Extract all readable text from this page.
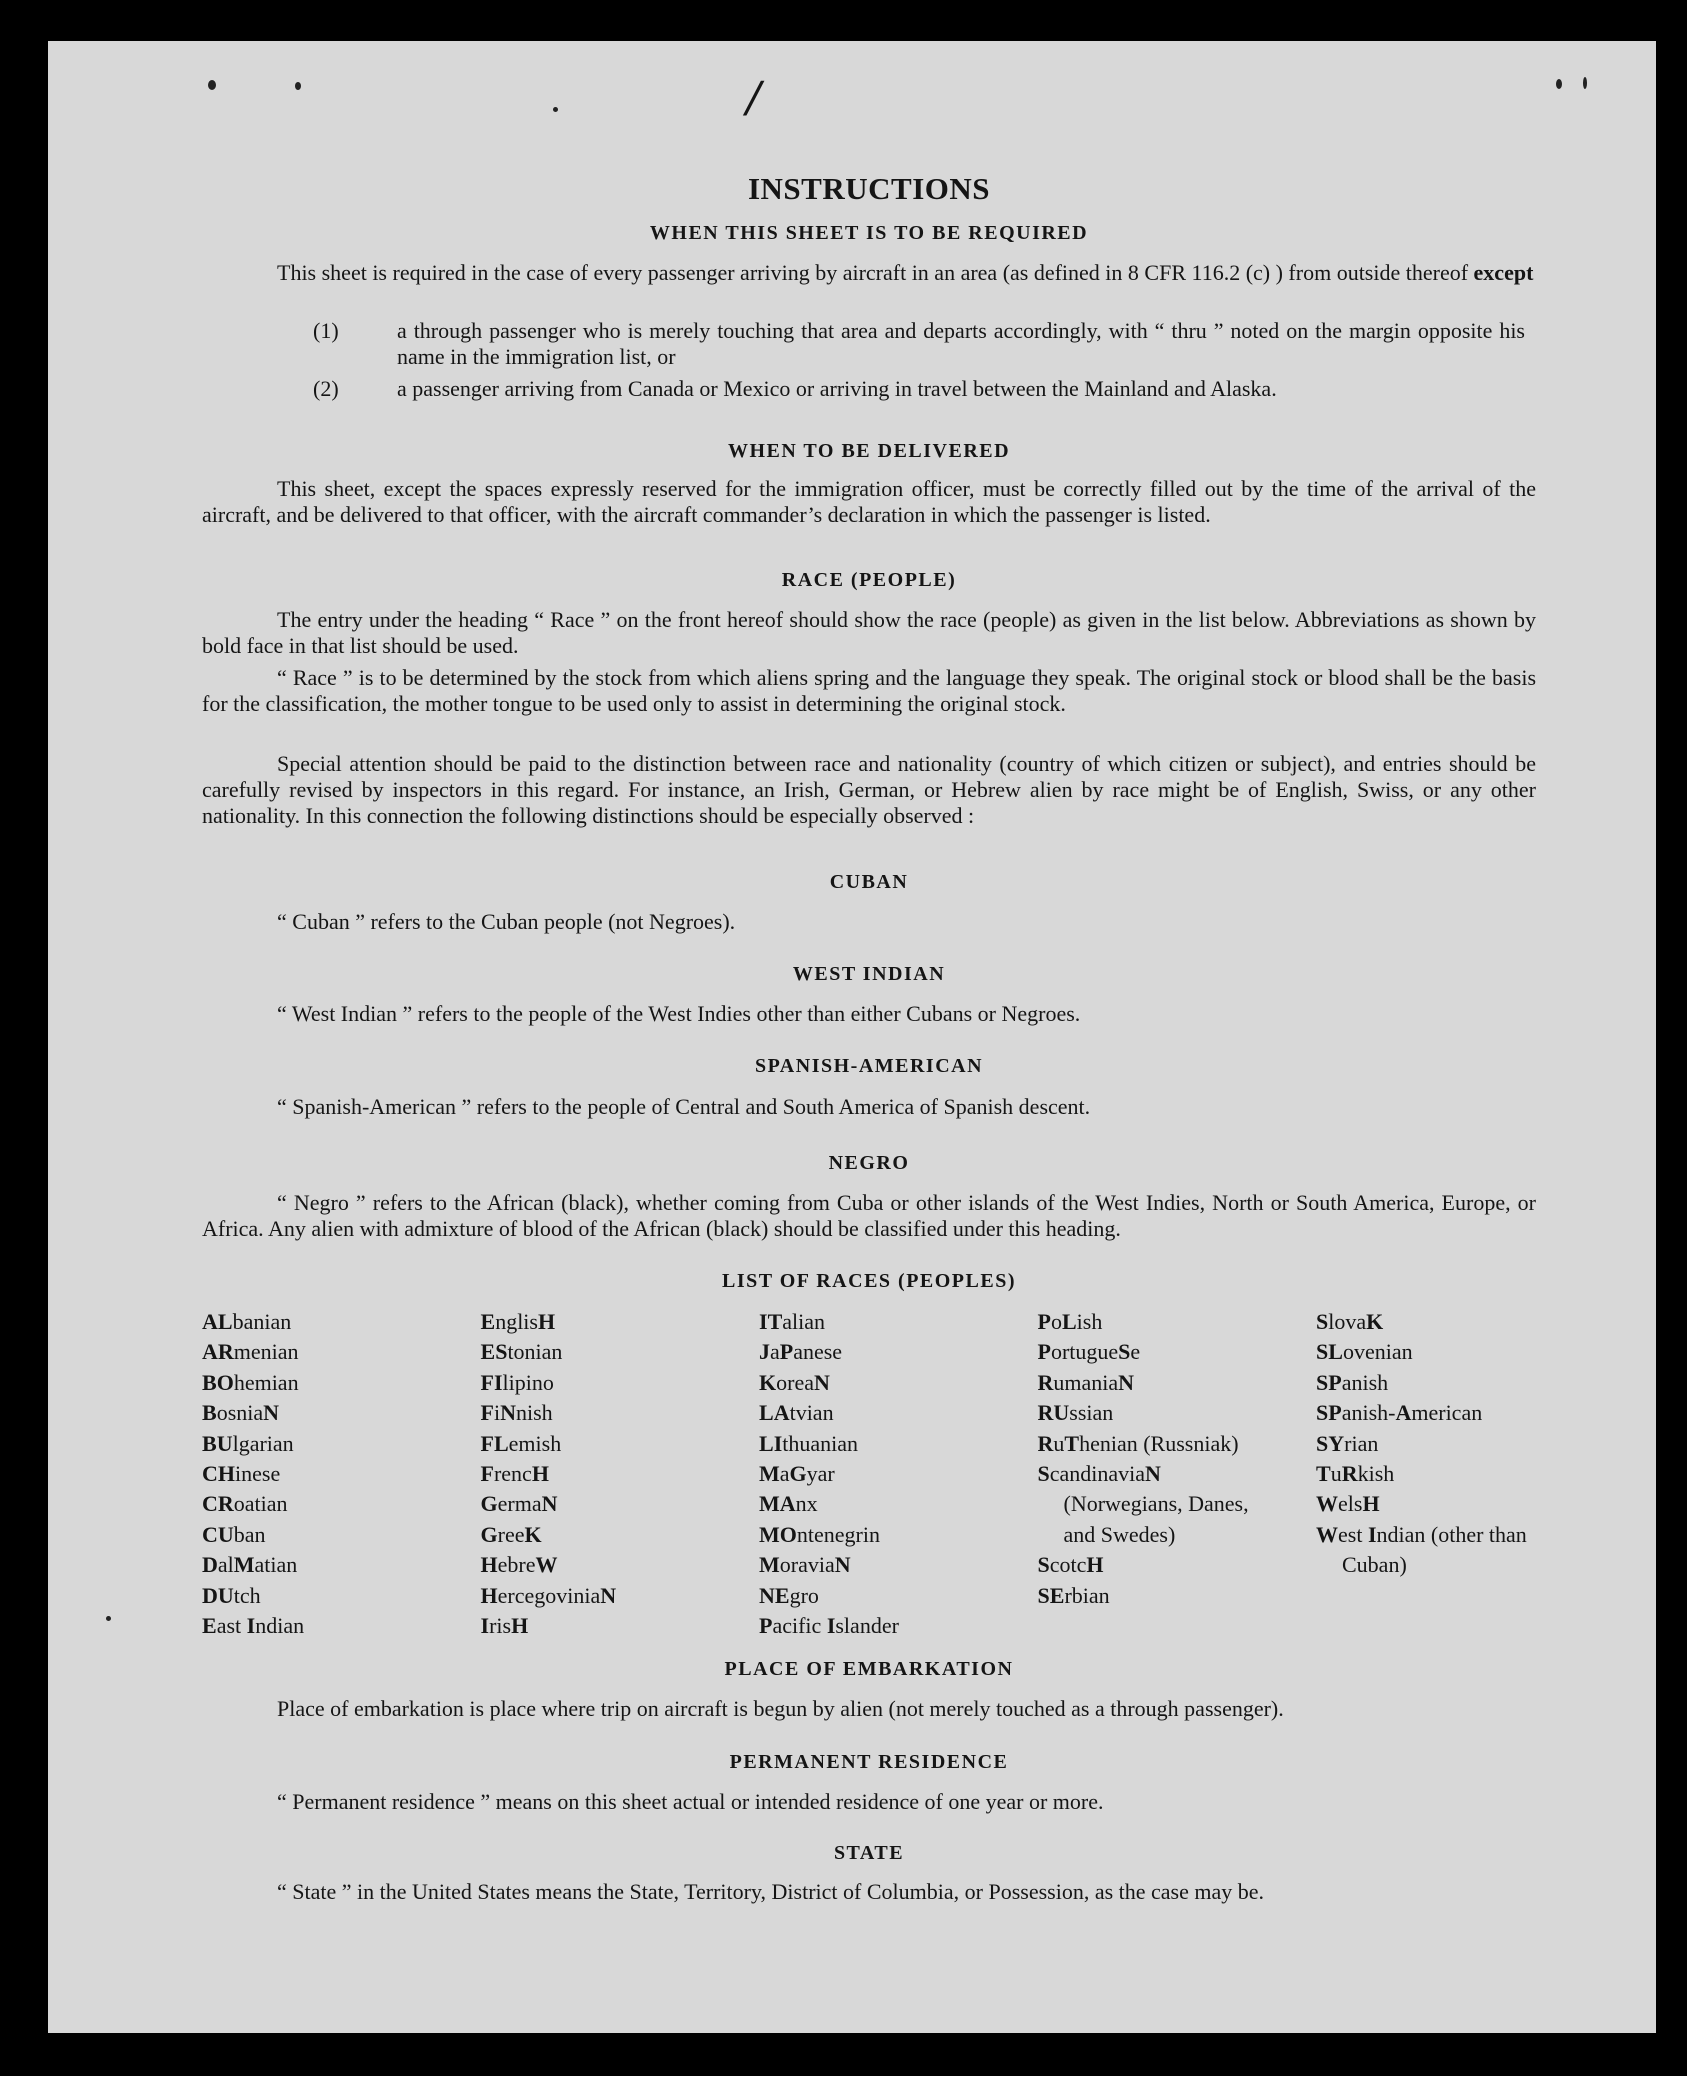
/
INSTRUCTIONS
WHEN THIS SHEET IS TO BE REQUIRED

This sheet is required in the case of every passenger arriving by aircraft in an area (as defined in 8 CFR 116.2 (c) ) from outside thereof except

(1)	a through passenger who is merely touching that area and departs accordingly, with “ thru ” noted on the margin opposite his name in the immigration list, or
(2)	a passenger arriving from Canada or Mexico or arriving in travel between the Mainland and Alaska.
WHEN TO BE DELIVERED

This sheet, except the spaces expressly reserved for the immigration officer, must be correctly filled out by the time of the arrival of the aircraft, and be delivered to that officer, with the aircraft commander’s declaration in which the passenger is listed.

RACE (PEOPLE)

The entry under the heading “ Race ” on the front hereof should show the race (people) as given in the list below. Abbreviations as shown by bold face in that list should be used.

“ Race ” is to be determined by the stock from which aliens spring and the language they speak. The original stock or blood shall be the basis for the classification, the mother tongue to be used only to assist in determining the original stock.

Special attention should be paid to the distinction between race and nationality (country of which citizen or subject), and entries should be carefully revised by inspectors in this regard. For instance, an Irish, German, or Hebrew alien by race might be of English, Swiss, or any other nationality. In this connection the following distinctions should be especially observed :

CUBAN

“ Cuban ” refers to the Cuban people (not Negroes).

WEST INDIAN

“ West Indian ” refers to the people of the West Indies other than either Cubans or Negroes.

SPANISH-AMERICAN

“ Spanish-American ” refers to the people of Central and South America of Spanish descent.

NEGRO

“ Negro ” refers to the African (black), whether coming from Cuba or other islands of the West Indies, North or South America, Europe, or Africa. Any alien with admixture of blood of the African (black) should be classified under this heading.

LIST OF RACES (PEOPLES)
ALbanian
ARmenian
BOhemian
BosniaN
BUlgarian
CHinese
CRoatian
CUban
DalMatian
DUtch
East Indian
EnglisH
EStonian
FIlipino
FiNnish
FLemish
FrencH
GermaN
GreeK
HebreW
HercegoviniaN
IrisH
ITalian
JaPanese
KoreaN
LAtvian
LIthuanian
MaGyar
MAnx
MOntenegrin
MoraviaN
NEgro
Pacific Islander
PoLish
PortugueSe
RumaniaN
RUssian
RuThenian (Russniak)
ScandinaviaN (Norwegians, Danes, and Swedes)
ScotcH
SErbian
SlovaK
SLovenian
SPanish
SPanish-American
SYrian
TuRkish
WelsH
West Indian (other than Cuban)
PLACE OF EMBARKATION

Place of embarkation is place where trip on aircraft is begun by alien (not merely touched as a through passenger).

PERMANENT RESIDENCE

“ Permanent residence ” means on this sheet actual or intended residence of one year or more.

STATE

“ State ” in the United States means the State, Territory, District of Columbia, or Possession, as the case may be.
